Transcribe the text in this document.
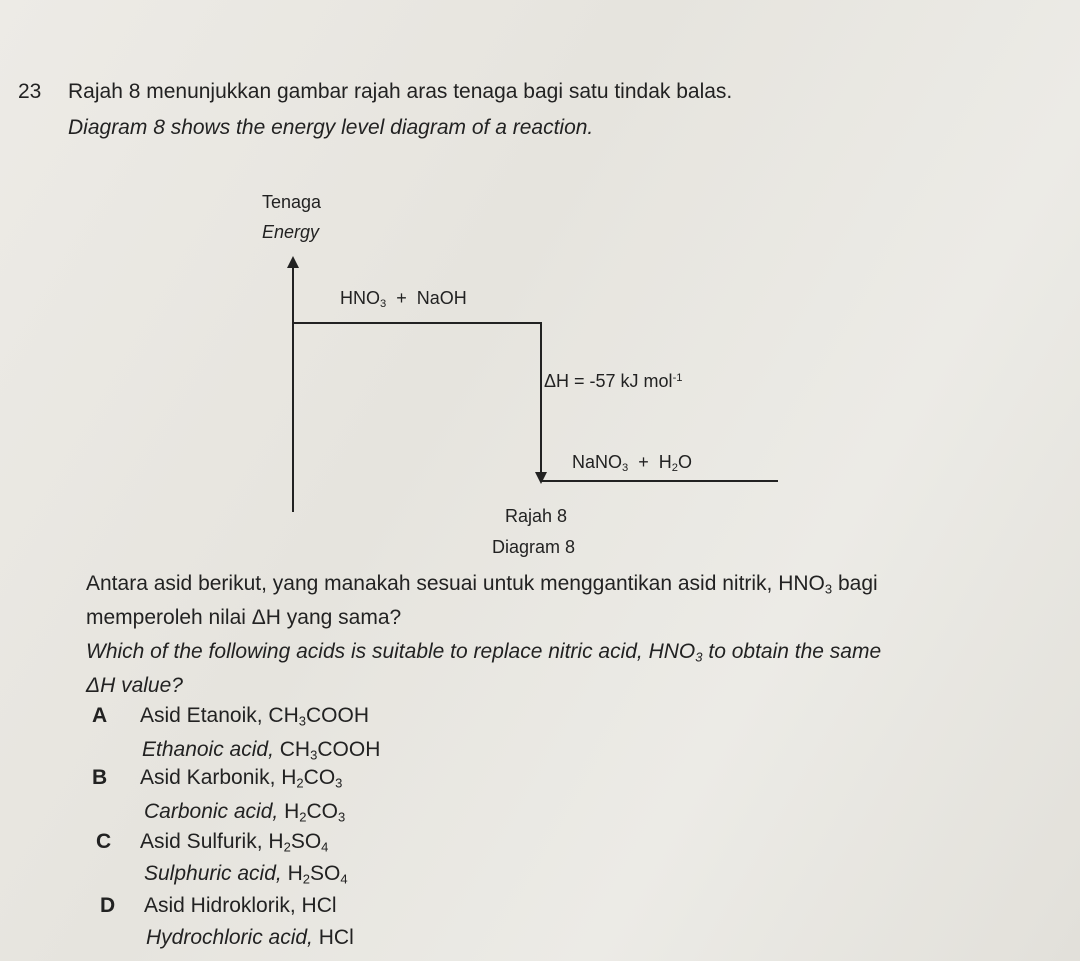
23 Rajah 8 menunjukkan gambar rajah aras tenaga bagi satu tindak balas.
Diagram 8 shows the energy level diagram of a reaction.
Tenaga
Energy
$HNO_3$ + NaOH
ΔH = -57 kJ mol$^{-1}$
NaNO$_3$ + $H_2O$
Rajah 8
Diagram 8
Antara asid berikut, yang manakah sesuai untuk menggantikan asid nitrik, $HNO_3$ bagi
memperoleh nilai ΔH yang sama?
Which of the following acids is suitable to replace nitric acid, $HNO_3$ to obtain the same
ΔH value?
A Asid Etanoik, $CH_3COOH$
Ethanoic acid, $CH_3COOH$
B Asid Karbonik, $H_2CO_3$
Carbonic acid, $H_2CO_3$
C Asid Sulfurik, $H_2SO_4$
Sulphuric acid, $H_2SO_4$
D Asid Hidroklorik, HCl
Hydrochloric acid, HCl
